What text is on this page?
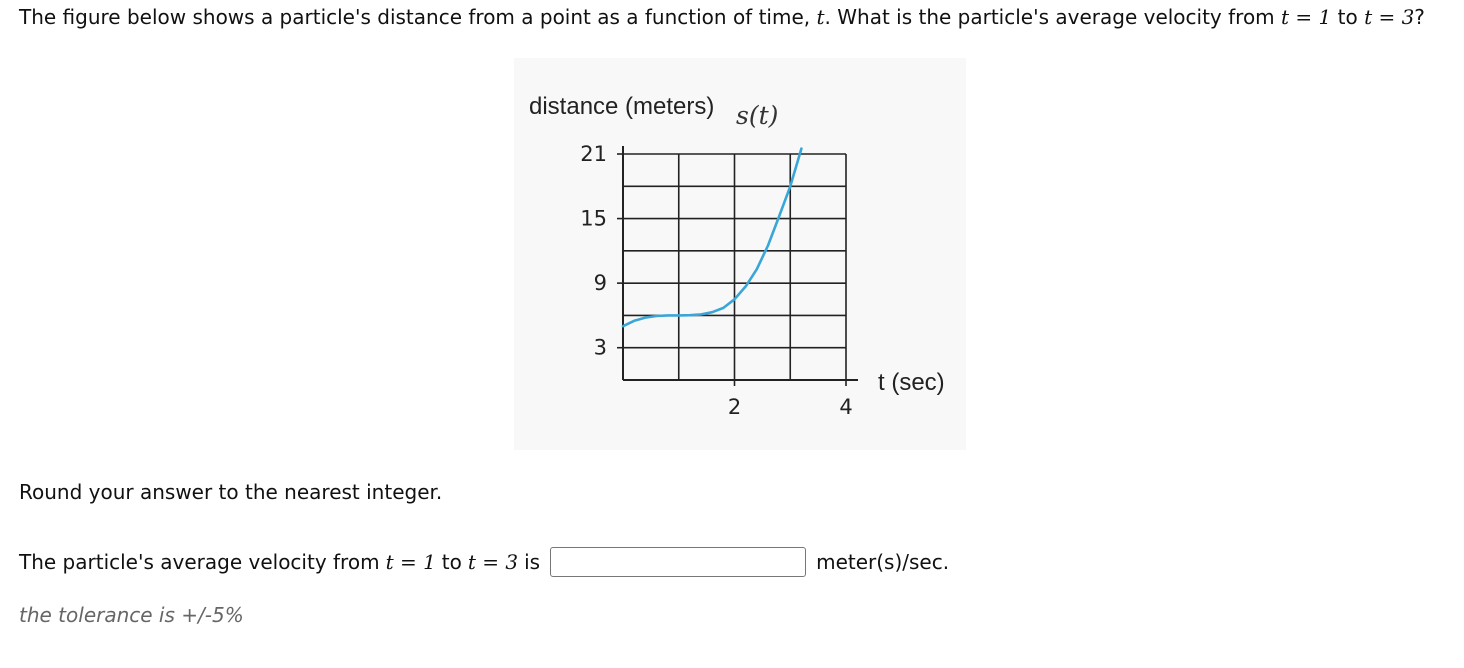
The figure below shows a particle's distance from a point as a function of time, t. What is the particle's average velocity from t = 1 to t = 3?

distance (meters) s(t)
t (sec)
3
9
15
21
2	4

Round your answer to the nearest integer.

The particle's average velocity from t = 1 to t = 3 is	meter(s)/sec.

the tolerance is +/-5%
